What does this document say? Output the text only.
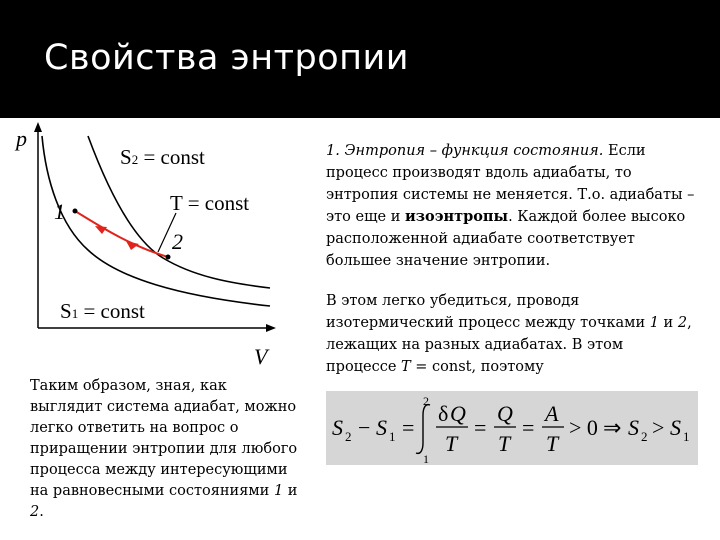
Свойства энтропии
p
V
1
2
S2 = const
T = const
S1 = const
Таким образом, зная, как выглядит система адиабат, можно легко ответить на вопрос о приращении энтропии для любого процесса между интересующими на равновесными состояниями 1 и 2.
1. Энтропия – функция состояния. Если процесс производят вдоль адиабаты, то энтропия системы не меняется. Т.о. адиабаты – это еще и изоэнтропы. Каждой более высоко расположенной адиабате соответствует большее значение энтропии.
В этом легко убедиться, проводя изотермический процесс между точками 1 и 2, лежащих на разных адиабатах. В этом процессе T = const, поэтому
S 2 − S 1 =
2
1
δ Q
T
=
Q
T
=
A
T
> 0 ⇒ S 2 > S 1
